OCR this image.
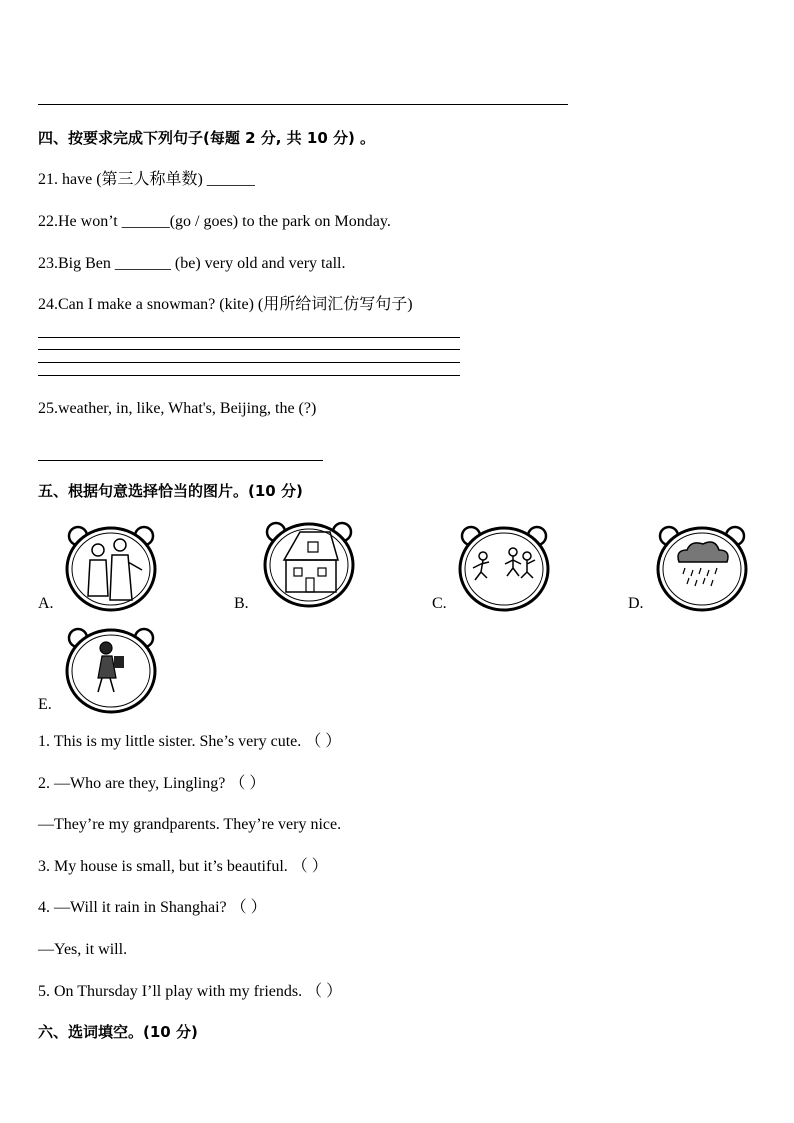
四、按要求完成下列句子(每题 2 分, 共 10 分) 。
21. have (第三人称单数) ______
22.He won’t ______(go / goes) to the park on Monday.
23.Big Ben _______ (be) very old and very tall.
24.Can I make a snowman? (kite) (用所给词汇仿写句子)
25.weather, in, like, What's, Beijing, the (?)
五、根据句意选择恰当的图片。(10 分)
A.	B.	C.	D.
E.
1. This is my little sister. She’s very cute. （ ）
2. —Who are they, Lingling? （ ）
—They’re my grandparents. They’re very nice.
3. My house is small, but it’s beautiful. （ ）
4. —Will it rain in Shanghai? （ ）
—Yes, it will.
5. On Thursday I’ll play with my friends. （ ）
六、选词填空。(10 分)
